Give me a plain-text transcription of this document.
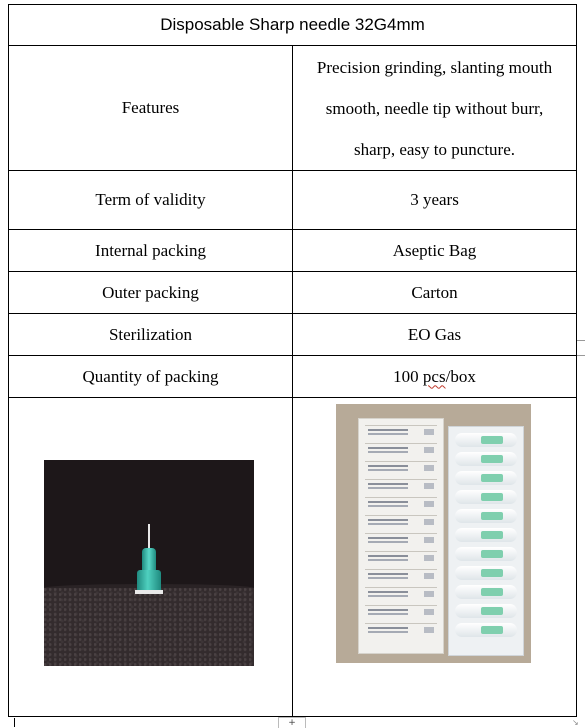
Disposable Sharp needle 32G4mm	
Features	Precision grinding, slanting mouth
smooth, needle tip without burr,
sharp, easy to puncture.

Term of validity	3 years
Internal packing	Aseptic Bag
Outer packing	Carton
Sterilization	EO Gas
Quantity of packing	100 pcs/box

+	↘
